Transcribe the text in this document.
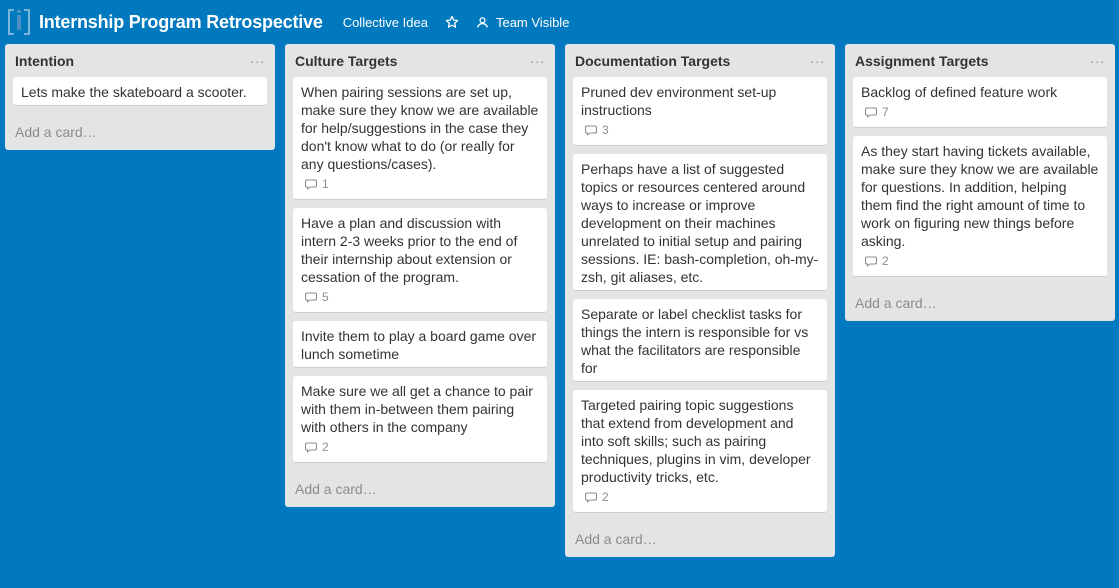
Internship Program Retrospective Collective Idea	Team Visible
Intention	...
Lets make the skateboard a scooter.
Add a card…
Culture Targets	...
When pairing sessions are set up, make sure they know we are available for help/suggestions in the case they don't know what to do (or really for any questions/cases).
1
Have a plan and discussion with intern 2-3 weeks prior to the end of their internship about extension or cessation of the program.
5
Invite them to play a board game over lunch sometime
Make sure we all get a chance to pair with them in-between them pairing with others in the company
2
Add a card…
Documentation Targets	...
Pruned dev environment set-up instructions
3
Perhaps have a list of suggested topics or resources centered around ways to increase or improve development on their machines unrelated to initial setup and pairing sessions. IE: bash-completion, oh-my-zsh, git aliases, etc.
Separate or label checklist tasks for things the intern is responsible for vs what the facilitators are responsible for
Targeted pairing topic suggestions that extend from development and into soft skills; such as pairing techniques, plugins in vim, developer productivity tricks, etc.
2
Add a card…
Assignment Targets	...
Backlog of defined feature work
7
As they start having tickets available, make sure they know we are available for questions. In addition, helping them find the right amount of time to work on figuring new things before asking.
2
Add a card…
